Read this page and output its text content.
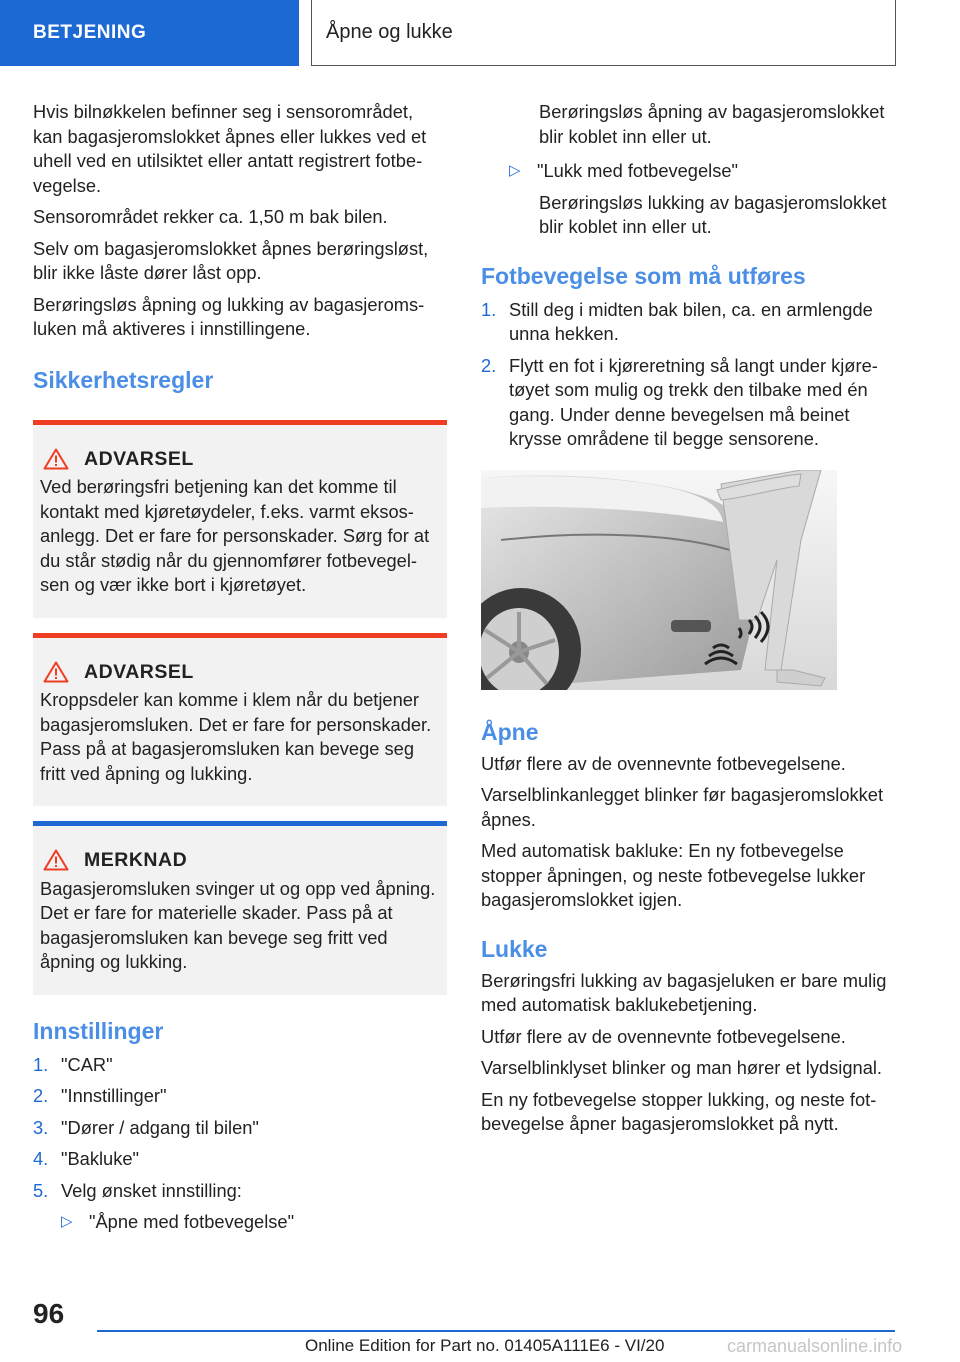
BETJENING	Åpne og lukke

Hvis bilnøkkelen befinner seg i sensorområdet, kan bagasjeromslokket åpnes eller lukkes ved et uhell ved en utilsiktet eller antatt registrert fotbevegelse.

Sensorområdet rekker ca. 1,50 m bak bilen.

Selv om bagasjeromslokket åpnes berøringsløst, blir ikke låste dører låst opp.

Berøringsløs åpning og lukking av bagasjeromsluken må aktiveres i innstillingene.

Sikkerhetsregler
ADVARSEL
Ved berøringsfri betjening kan det komme til kontakt med kjøretøydeler, f.eks. varmt eksosanlegg. Det er fare for personskader. Sørg for at du står stødig når du gjennomfører fotbevegelsen og vær ikke bort i kjøretøyet.
ADVARSEL
Kroppsdeler kan komme i klem når du betjener bagasjeromsluken. Det er fare for personskader. Pass på at bagasjeromsluken kan bevege seg fritt ved åpning og lukking.
MERKNAD
Bagasjeromsluken svinger ut og opp ved åpning. Det er fare for materielle skader. Pass på at bagasjeromsluken kan bevege seg fritt ved åpning og lukking.
Innstillinger
1. "CAR"
2. "Innstillinger"
3. "Dører / adgang til bilen"
4. "Bakluke"
5. Velg ønsket innstilling:
▷ "Åpne med fotbevegelse"

Berøringsløs åpning av bagasjeromslokket blir koblet inn eller ut.

▷ "Lukk med fotbevegelse"

Berøringsløs lukking av bagasjeromslokket blir koblet inn eller ut.

Fotbevegelse som må utføres
1. Still deg i midten bak bilen, ca. en armlengde unna hekken.
2. Flytt en fot i kjøreretning så langt under kjøretøyet som mulig og trekk den tilbake med én gang. Under denne bevegelsen må beinet krysse områdene til begge sensorene.
Åpne

Utfør flere av de ovennevnte fotbevegelsene.

Varselblinkanlegget blinker før bagasjeromslokket åpnes.

Med automatisk bakluke: En ny fotbevegelse stopper åpningen, og neste fotbevegelse lukker bagasjeromslokket igjen.

Lukke

Berøringsfri lukking av bagasjeluken er bare mulig med automatisk baklukebetjening.

Utfør flere av de ovennevnte fotbevegelsene.

Varselblinklyset blinker og man hører et lydsignal.

En ny fotbevegelse stopper lukking, og neste fotbevegelse åpner bagasjeromslokket på nytt.

96
Online Edition for Part no. 01405A111E6 - VI/20	carmanualsonline.info
